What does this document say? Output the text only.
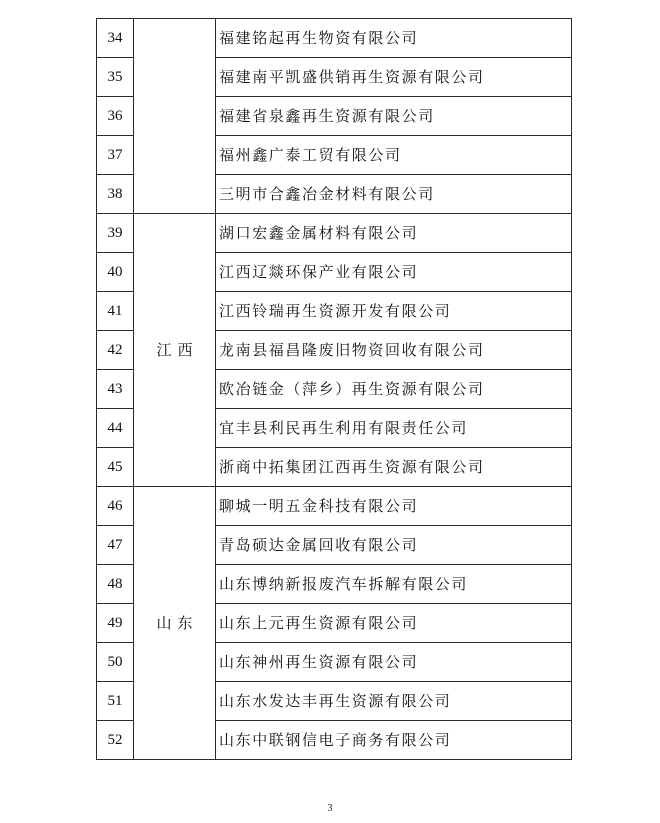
34		福建铭起再生物资有限公司
35		福建南平凯盛供销再生资源有限公司
36		福建省泉鑫再生资源有限公司
37		福州鑫广泰工贸有限公司
38		三明市合鑫冶金材料有限公司
39	江西	湖口宏鑫金属材料有限公司
40		江西辽燚环保产业有限公司
41		江西铃瑞再生资源开发有限公司
42		龙南县福昌隆废旧物资回收有限公司
43		欧冶链金（萍乡）再生资源有限公司
44		宜丰县利民再生利用有限责任公司
45		浙商中拓集团江西再生资源有限公司
46	山东	聊城一明五金科技有限公司
47		青岛硕达金属回收有限公司
48		山东博纳新报废汽车拆解有限公司
49		山东上元再生资源有限公司
50		山东神州再生资源有限公司
51		山东水发达丰再生资源有限公司
52		山东中联钢信电子商务有限公司
3
